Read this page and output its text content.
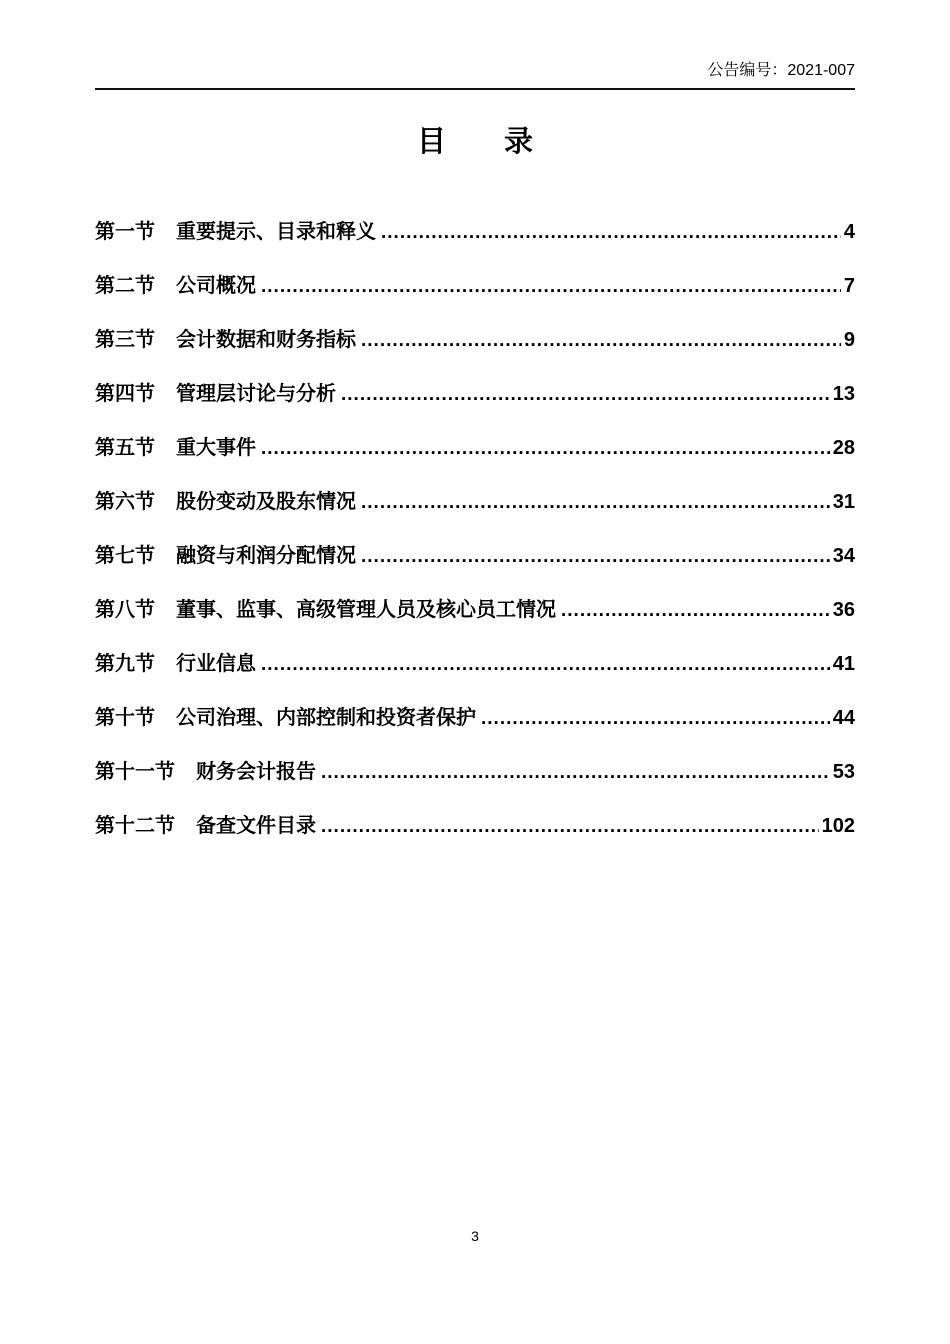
公告编号：2021-007
目　　录
第一节 重要提示、目录和释义 .....	4
第二节 公司概况 .....	7
第三节 会计数据和财务指标 .....	9
第四节 管理层讨论与分析 .....	13
第五节 重大事件 .....	28
第六节 股份变动及股东情况 .....	31
第七节 融资与利润分配情况 .....	34
第八节 董事、监事、高级管理人员及核心员工情况 .....	36
第九节 行业信息 .....	41
第十节 公司治理、内部控制和投资者保护 .....	44
第十一节 财务会计报告 .....	53
第十二节 备查文件目录 .....	102
3
